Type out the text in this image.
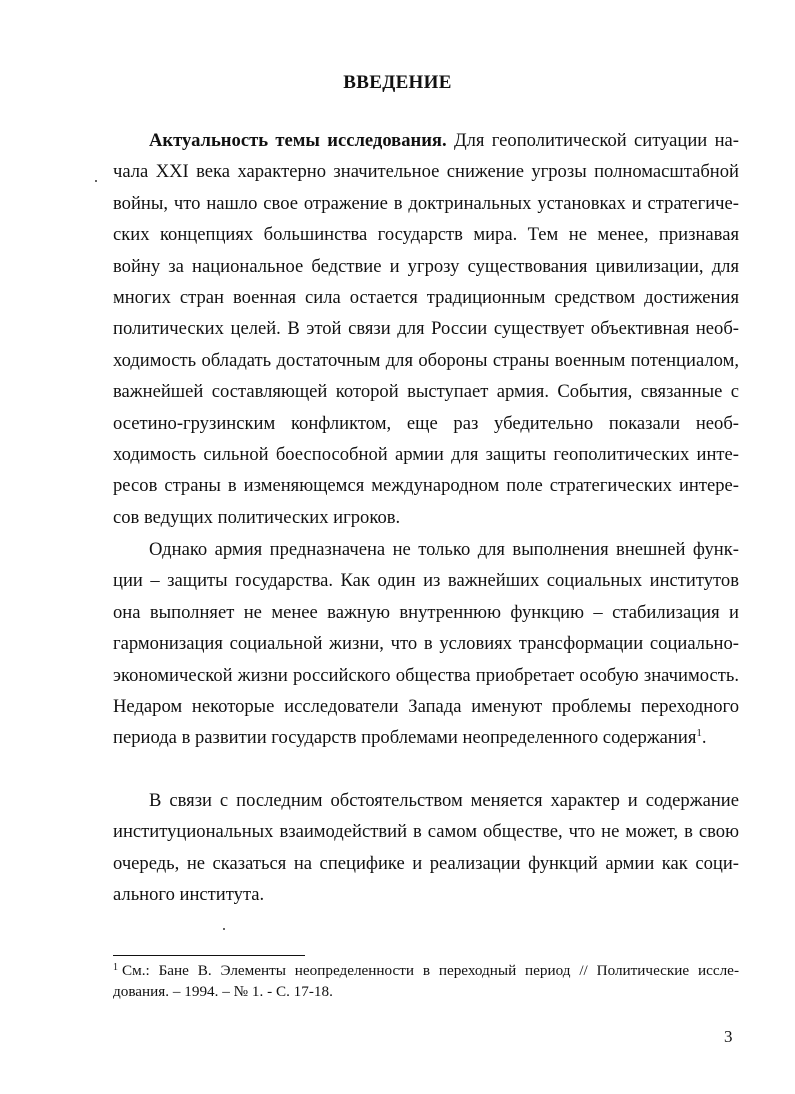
ВВЕДЕНИЕ

Актуальность темы исследования. Для геополитической ситуации начала XXI века характерно значительное снижение угрозы полномасштабной войны, что нашло свое отражение в доктринальных установках и стратегических концепциях большинства государств мира. Тем не менее, признавая войну за национальное бедствие и угрозу существования цивилизации, для многих стран военная сила остается традиционным средством достижения политических целей. В этой связи для России существует объективная необходимость обладать достаточным для обороны страны военным потенциалом, важнейшей составляющей которой выступает армия. События, связанные с осетино-грузинским конфликтом, еще раз убедительно показали необходимость сильной боеспособной армии для защиты геополитических интересов страны в изменяющемся международном поле стратегических интересов ведущих политических игроков.

Однако армия предназначена не только для выполнения внешней функции – защиты государства. Как один из важнейших социальных институтов она выполняет не менее важную внутреннюю функцию – стабилизация и гармонизация социальной жизни, что в условиях трансформации социально-экономической жизни российского общества приобретает особую значимость. Недаром некоторые исследователи Запада именуют проблемы переходного периода в развитии государств проблемами неопределенного содержания$^1$.

В связи с последним обстоятельством меняется характер и содержание институциональных взаимодействий в самом обществе, что не может, в свою очередь, не сказаться на специфике и реализации функций армии как социального института.

$^1$ См.: Бане В. Элементы неопределенности в переходный период // Политические исследования. – 1994. – № 1. - С. 17-18.
3
